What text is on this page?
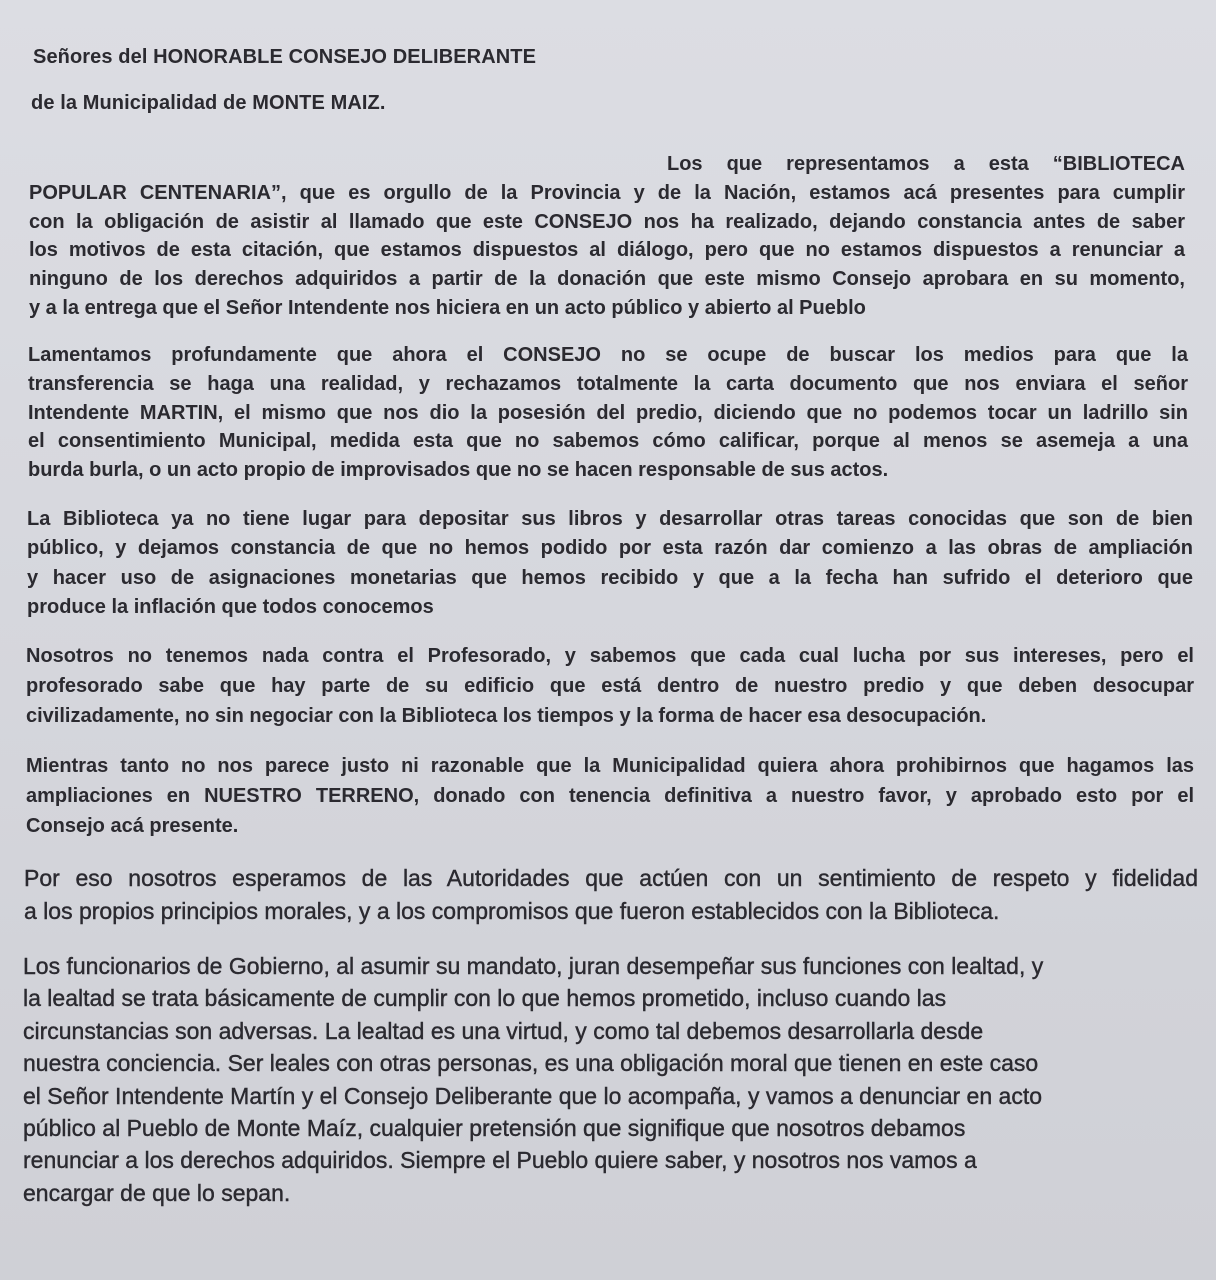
Señores del HONORABLE CONSEJO DELIBERANTE
de la Municipalidad de MONTE MAIZ.
Los que representamos a esta “BIBLIOTECA
POPULAR CENTENARIA”, que es orgullo de la Provincia y de la Nación, estamos acá presentes para cumplir
con la obligación de asistir al llamado que este CONSEJO nos ha realizado, dejando constancia antes de saber
los motivos de esta citación, que estamos dispuestos al diálogo, pero que no estamos dispuestos a renunciar a
ninguno de los derechos adquiridos a partir de la donación que este mismo Consejo aprobara en su momento,
y a la entrega que el Señor Intendente nos hiciera en un acto público y abierto al Pueblo
Lamentamos profundamente que ahora el CONSEJO no se ocupe de buscar los medios para que la
transferencia se haga una realidad, y rechazamos totalmente la carta documento que nos enviara el señor
Intendente MARTIN, el mismo que nos dio la posesión del predio, diciendo que no podemos tocar un ladrillo sin
el consentimiento Municipal, medida esta que no sabemos cómo calificar, porque al menos se asemeja a una
burda burla, o un acto propio de improvisados que no se hacen responsable de sus actos.
La Biblioteca ya no tiene lugar para depositar sus libros y desarrollar otras tareas conocidas que son de bien
público, y dejamos constancia de que no hemos podido por esta razón dar comienzo a las obras de ampliación
y hacer uso de asignaciones monetarias que hemos recibido y que a la fecha han sufrido el deterioro que
produce la inflación que todos conocemos
Nosotros no tenemos nada contra el Profesorado, y sabemos que cada cual lucha por sus intereses, pero el
profesorado sabe que hay parte de su edificio que está dentro de nuestro predio y que deben desocupar
civilizadamente, no sin negociar con la Biblioteca los tiempos y la forma de hacer esa desocupación.
Mientras tanto no nos parece justo ni razonable que la Municipalidad quiera ahora prohibirnos que hagamos las
ampliaciones en NUESTRO TERRENO, donado con tenencia definitiva a nuestro favor, y aprobado esto por el
Consejo acá presente.
Por eso nosotros esperamos de las Autoridades que actúen con un sentimiento de respeto y fidelidad
a los propios principios morales, y a los compromisos que fueron establecidos con la Biblioteca.
Los funcionarios de Gobierno, al asumir su mandato, juran desempeñar sus funciones con lealtad, y
la lealtad se trata básicamente de cumplir con lo que hemos prometido, incluso cuando las
circunstancias son adversas. La lealtad es una virtud, y como tal debemos desarrollarla desde
nuestra conciencia. Ser leales con otras personas, es una obligación moral que tienen en este caso
el Señor Intendente Martín y el Consejo Deliberante que lo acompaña, y vamos a denunciar en acto
público al Pueblo de Monte Maíz, cualquier pretensión que signifique que nosotros debamos
renunciar a los derechos adquiridos. Siempre el Pueblo quiere saber, y nosotros nos vamos a
encargar de que lo sepan.
